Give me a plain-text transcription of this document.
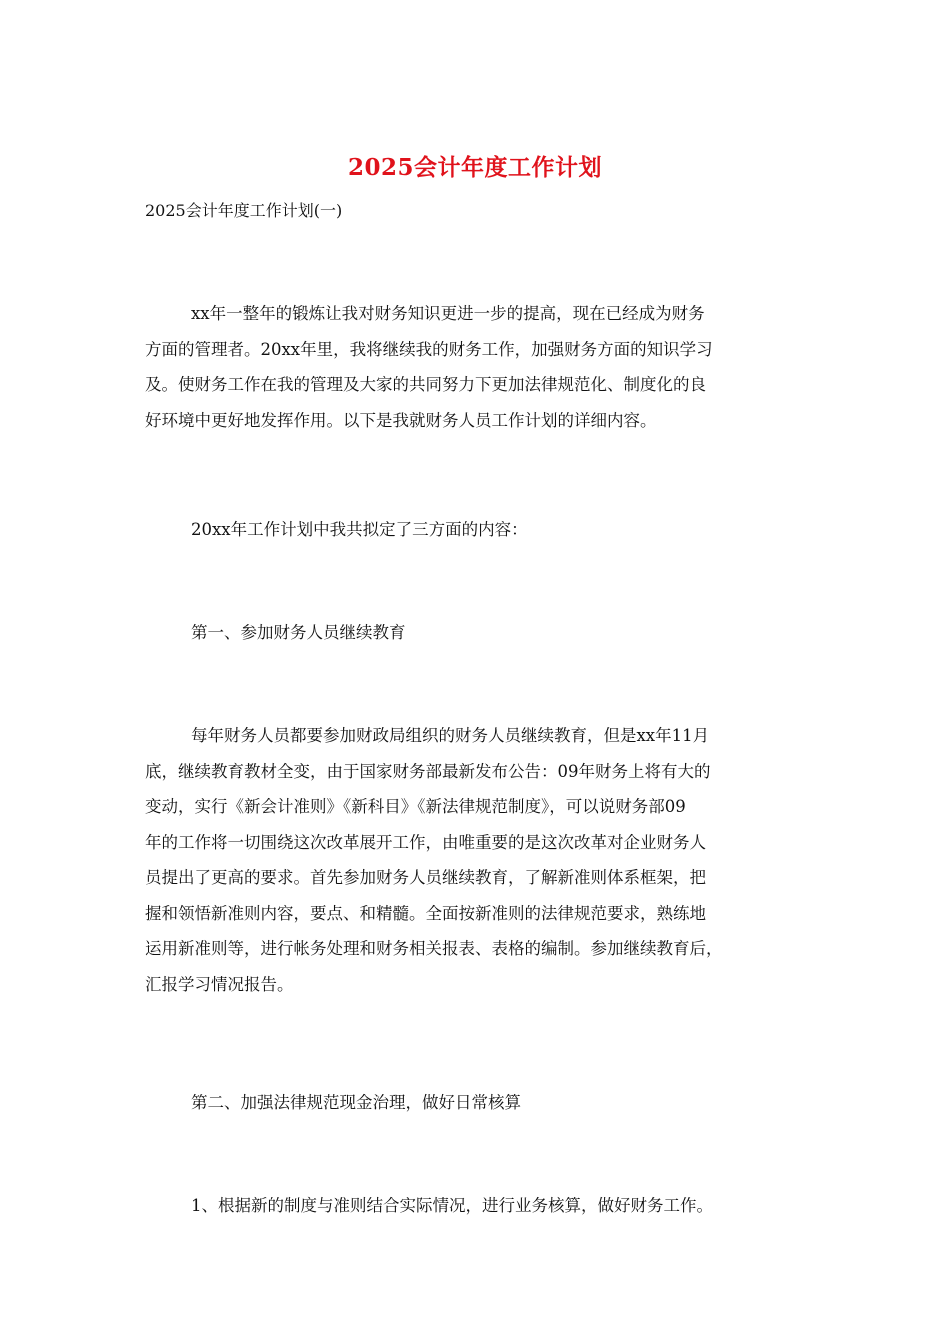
2025会计年度工作计划
2025会计年度工作计划(一)
xx年一整年的锻炼让我对财务知识更进一步的提高，现在已经成为财务
方面的管理者。20xx年里，我将继续我的财务工作，加强财务方面的知识学习
及。使财务工作在我的管理及大家的共同努力下更加法律规范化、制度化的良
好环境中更好地发挥作用。以下是我就财务人员工作计划的详细内容。
20xx年工作计划中我共拟定了三方面的内容：
第一、参加财务人员继续教育
每年财务人员都要参加财政局组织的财务人员继续教育，但是xx年11月
底，继续教育教材全变，由于国家财务部最新发布公告：09年财务上将有大的
变动，实行《新会计准则》《新科目》《新法律规范制度》，可以说财务部09
年的工作将一切围绕这次改革展开工作，由唯重要的是这次改革对企业财务人
员提出了更高的要求。首先参加财务人员继续教育，了解新准则体系框架，把
握和领悟新准则内容，要点、和精髓。全面按新准则的法律规范要求，熟练地
运用新准则等，进行帐务处理和财务相关报表、表格的编制。参加继续教育后，
汇报学习情况报告。
第二、加强法律规范现金治理，做好日常核算
1、根据新的制度与准则结合实际情况，进行业务核算，做好财务工作。
